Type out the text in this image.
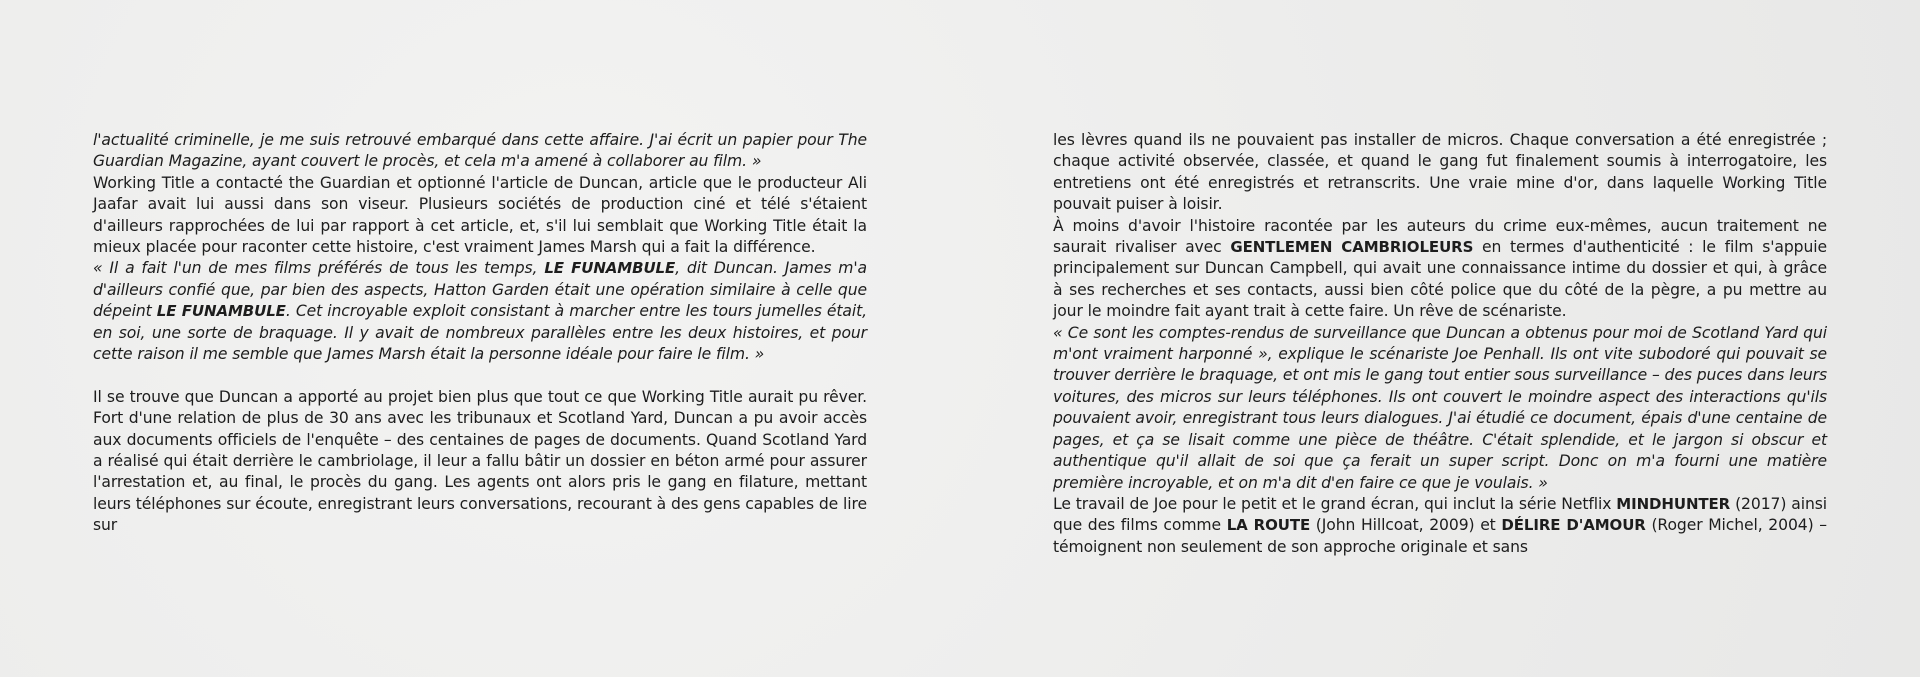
l'actualité criminelle, je me suis retrouvé embarqué dans cette affaire. J'ai écrit un papier pour The Guardian Magazine, ayant couvert le procès, et cela m'a amené à collaborer au film. »

Working Title a contacté the Guardian et optionné l'article de Duncan, article que le producteur Ali Jaafar avait lui aussi dans son viseur. Plusieurs sociétés de production ciné et télé s'étaient d'ailleurs rapprochées de lui par rapport à cet article, et, s'il lui semblait que Working Title était la mieux placée pour raconter cette histoire, c'est vraiment James Marsh qui a fait la différence.

« Il a fait l'un de mes films préférés de tous les temps, LE FUNAMBULE, dit Duncan. James m'a d'ailleurs confié que, par bien des aspects, Hatton Garden était une opération similaire à celle que dépeint LE FUNAMBULE. Cet incroyable exploit consistant à marcher entre les tours jumelles était, en soi, une sorte de braquage. Il y avait de nombreux parallèles entre les deux histoires, et pour cette raison il me semble que James Marsh était la personne idéale pour faire le film. »

Il se trouve que Duncan a apporté au projet bien plus que tout ce que Working Title aurait pu rêver. Fort d'une relation de plus de 30 ans avec les tribunaux et Scotland Yard, Duncan a pu avoir accès aux documents officiels de l'enquête – des centaines de pages de documents. Quand Scotland Yard a réalisé qui était derrière le cambriolage, il leur a fallu bâtir un dossier en béton armé pour assurer l'arrestation et, au final, le procès du gang. Les agents ont alors pris le gang en filature, mettant leurs téléphones sur écoute, enregistrant leurs conversations, recourant à des gens capables de lire sur

les lèvres quand ils ne pouvaient pas installer de micros. Chaque conversation a été enregistrée ; chaque activité observée, classée, et quand le gang fut finalement soumis à interrogatoire, les entretiens ont été enregistrés et retranscrits. Une vraie mine d'or, dans laquelle Working Title pouvait puiser à loisir.

À moins d'avoir l'histoire racontée par les auteurs du crime eux-mêmes, aucun traitement ne saurait rivaliser avec GENTLEMEN CAMBRIOLEURS en termes d'authenticité : le film s'appuie principalement sur Duncan Campbell, qui avait une connaissance intime du dossier et qui, à grâce à ses recherches et ses contacts, aussi bien côté police que du côté de la pègre, a pu mettre au jour le moindre fait ayant trait à cette faire. Un rêve de scénariste.

« Ce sont les comptes-rendus de surveillance que Duncan a obtenus pour moi de Scotland Yard qui m'ont vraiment harponné », explique le scénariste Joe Penhall. Ils ont vite subodoré qui pouvait se trouver derrière le braquage, et ont mis le gang tout entier sous surveillance – des puces dans leurs voitures, des micros sur leurs téléphones. Ils ont couvert le moindre aspect des interactions qu'ils pouvaient avoir, enregistrant tous leurs dialogues. J'ai étudié ce document, épais d'une centaine de pages, et ça se lisait comme une pièce de théâtre. C'était splendide, et le jargon si obscur et authentique qu'il allait de soi que ça ferait un super script. Donc on m'a fourni une matière première incroyable, et on m'a dit d'en faire ce que je voulais. »

Le travail de Joe pour le petit et le grand écran, qui inclut la série Netflix MINDHUNTER (2017) ainsi que des films comme LA ROUTE (John Hillcoat, 2009) et DÉLIRE D'AMOUR (Roger Michel, 2004) – témoignent non seulement de son approche originale et sans
